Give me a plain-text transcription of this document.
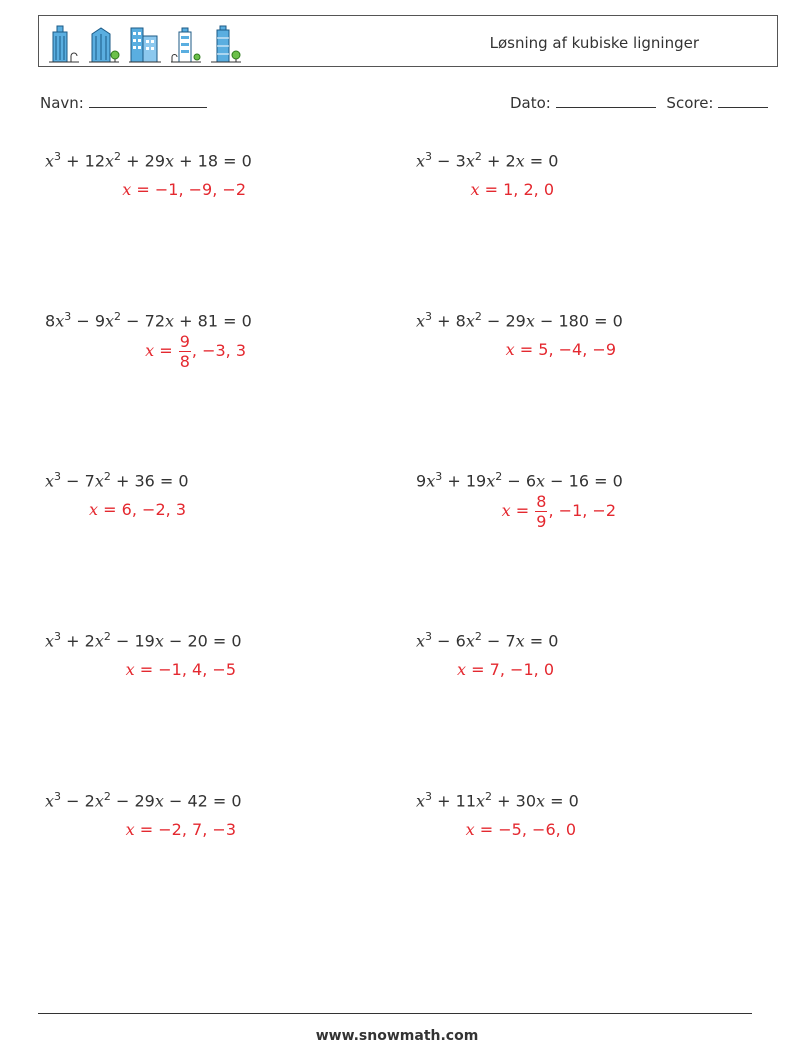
Løsning af kubiske ligninger
Navn:	Dato:	Score:
$x^3 + 12x^2 + 29x + 18 = 0$
x = −1, −9, −2
$x^3 - 3x^2 + 2x = 0$
x = 1, 2, 0
$8x^3 - 9x^2 - 72x + 81 = 0$
$x = \frac{9}{8}$ , −3, 3
$x^3 + 8x^2 - 29x - 180 = 0$
x = 5, −4, −9
$x^3 - 7x^2 + 36 = 0$
x = 6, −2, 3
$9x^3 + 19x^2 - 6x - 16 = 0$
$x = \frac{8}{9}$ , −1, −2
$x^3 + 2x^2 - 19x - 20 = 0$
x = −1, 4, −5
$x^3 - 6x^2 - 7x = 0$
x = 7, −1, 0
$x^3 - 2x^2 - 29x - 42 = 0$
x = −2, 7, −3
$x^3 + 11x^2 + 30x = 0$
x = −5, −6, 0
www.snowmath.com
